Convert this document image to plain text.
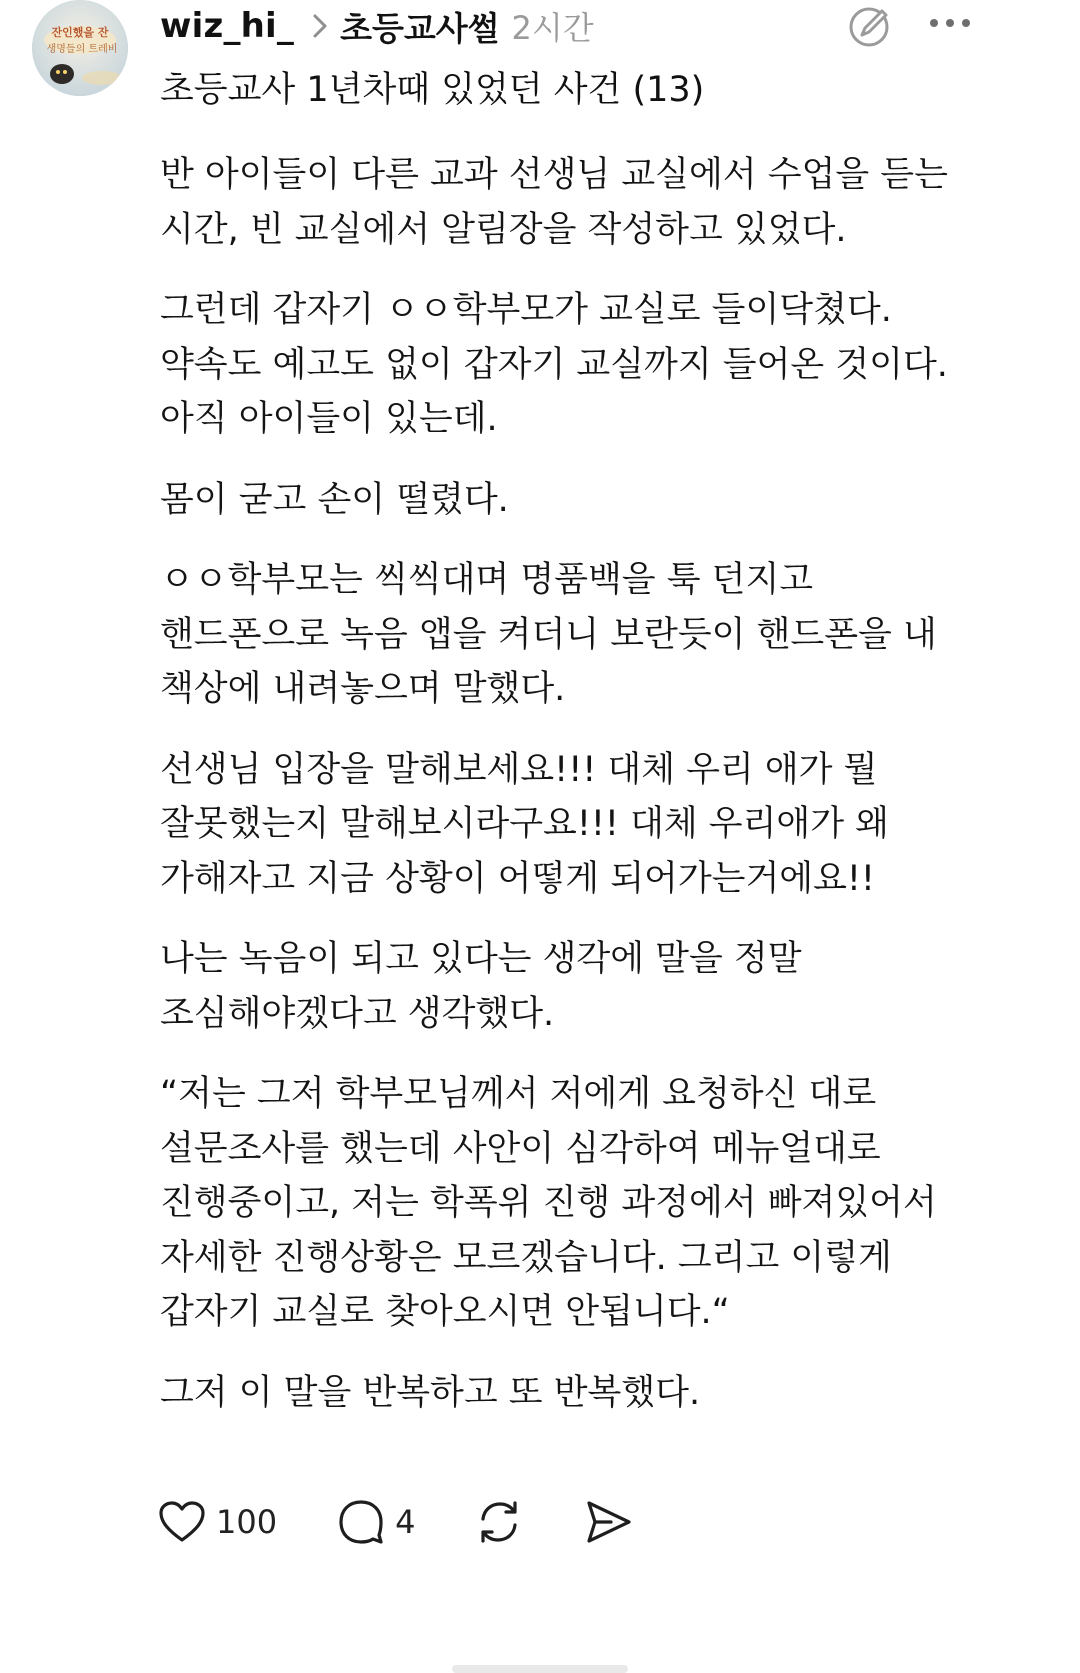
잔인했을 잔
생명들의 트레비
wiz_hi_ 초등교사썰 2시간
초등교사 1년차때 있었던 사건 (13)
반 아이들이 다른 교과 선생님 교실에서 수업을 듣는
시간, 빈 교실에서 알림장을 작성하고 있었다.
그런데 갑자기 ㅇㅇ학부모가 교실로 들이닥쳤다.
약속도 예고도 없이 갑자기 교실까지 들어온 것이다.
아직 아이들이 있는데.
몸이 굳고 손이 떨렸다.
ㅇㅇ학부모는 씩씩대며 명품백을 툭 던지고
핸드폰으로 녹음 앱을 켜더니 보란듯이 핸드폰을 내
책상에 내려놓으며 말했다.
선생님 입장을 말해보세요!!! 대체 우리 애가 뭘
잘못했는지 말해보시라구요!!! 대체 우리애가 왜
가해자고 지금 상황이 어떻게 되어가는거에요!!
나는 녹음이 되고 있다는 생각에 말을 정말
조심해야겠다고 생각했다.
“저는 그저 학부모님께서 저에게 요청하신 대로
설문조사를 했는데 사안이 심각하여 메뉴얼대로
진행중이고, 저는 학폭위 진행 과정에서 빠져있어서
자세한 진행상황은 모르겠습니다. 그리고 이렇게
갑자기 교실로 찾아오시면 안됩니다.“
그저 이 말을 반복하고 또 반복했다.
100	4
